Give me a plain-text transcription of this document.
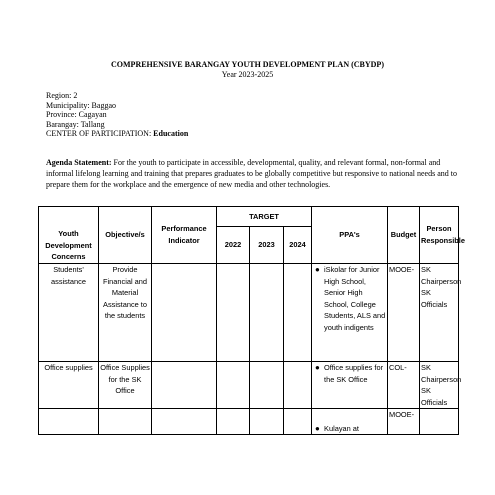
COMPREHENSIVE BARANGAY YOUTH DEVELOPMENT PLAN (CBYDP)
Year 2023-2025
Region: 2
Municipality: Baggao
Province: Cagayan
Barangay: Tallang
CENTER OF PARTICIPATION: Education
Agenda Statement: For the youth to participate in accessible, developmental, quality, and relevant formal, non-formal and informal lifelong learning and training that prepares graduates to be globally competitive but responsive to national needs and to prepare them for the workplace and the emergence of new media and other technologies.
Youth Development Concerns	Objective/s	Performance Indicator	TARGET			PPA's	Budget	Person Responsible
			2022	2023	2024			
Students' assistance	Provide Financial and Material Assistance to the students					● iSkolar for Junior High School, Senior High School, College Students, ALS and youth indigents	MOOE-	SK Chairperson SK Officials
Office supplies	Office Supplies for the SK Office					● Office supplies for the SK Office	COL-	SK Chairperson SK Officials

						● Kulayan at	MOOE-	
